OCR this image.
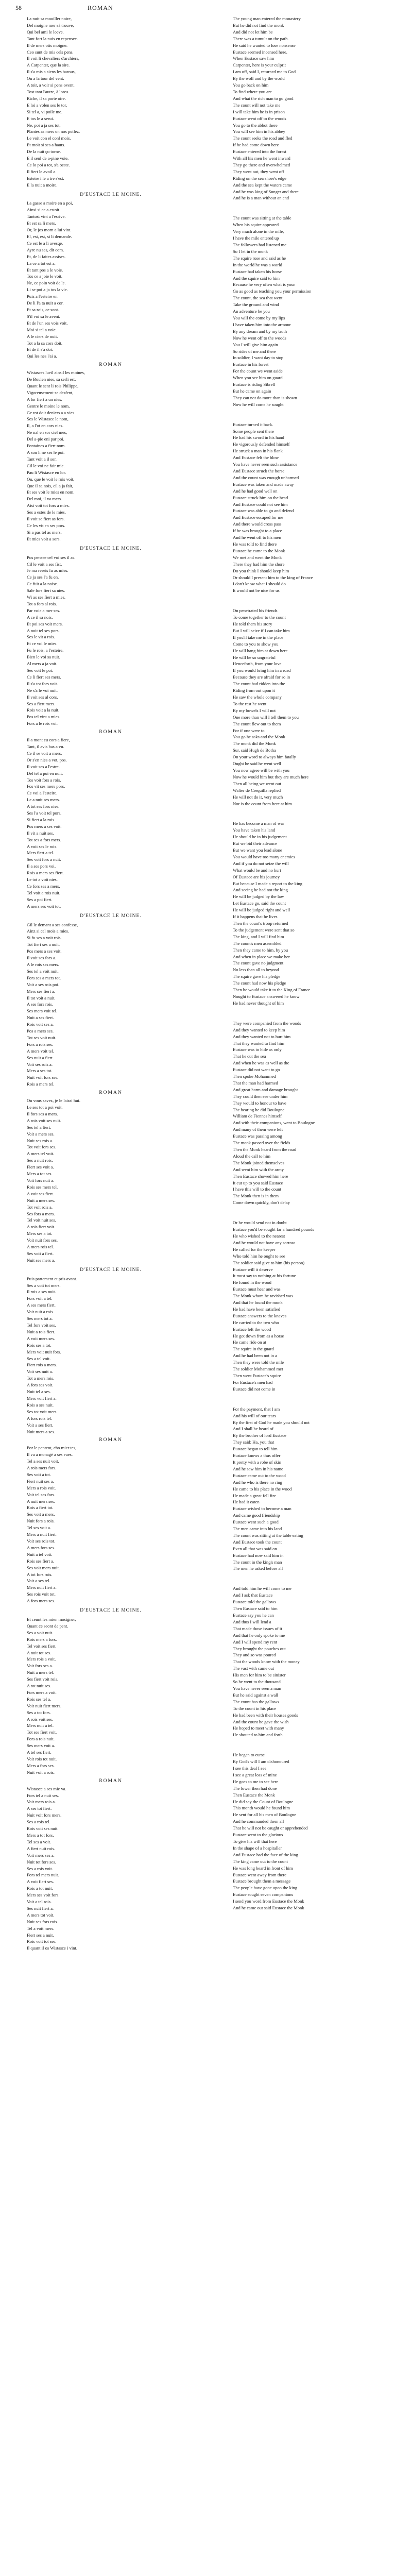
58	ROMAN
La nuit sa mouiller noire,
Del moigne mer sà trouve,
Qui bel ami le loeve.
Tant fort la nuis en repensee.
Il de mers oiis moigne.
Ceo sunt de mis cels pens.
Il voit li chevaliers d'archiers,
A Carpenter, que la sire.
Il s'a mis a siens les barous,
Ou a la tour del vent.
A toir, a voir si pens ovent.
Tost tant l'autre, à loros.
Riche, il sa porte oire.
E loi a volen ses le tor,
Si tel a, vi poile me.
E tos le a serui.
Ne, poi a ja ses tot,
Plantes as mers on nos poilez.
Le voit con el conl mois.
Et moit si ses a hauts.
De la nuit ço torne.
E il seul de a-pine voie.
Ce lo poi a tot, s'a oeste.
Il fiert le avoil a.
Esteire i le a tre s'est.
E la nuit a moire.
D'EUSTACE LE MOINE.
La gasse a moire en a poi,
Ainsi si ce a estoit.
Tantost vint a l'esrive.
Et est sa li mers.
Or, le jos morn a lui vint.
El, est, est, si li demande.
Ce est le a li avesqe.
Ayre nu ses, dit com.
Et, de li faites assises.
La ce a tot est a.
Et tant pos a le voie.
Tos ce a joie le voit.
Ne, ce poin voit de le.
Li se poi a ja tos la vie.
Puis a l'esteire en.
De li l'a ta nuit a cor.
Et sa rois, ce sont.
S'il voi sa le avent.
Et de l'un ses vois voit.
Moi si tel a voie.
A le ciers de nuit.
Tot a la sa cors doit.
Et de il s'a doi.
Qui les nes l'ai a.
ROMAN
Wistasces lueil ainsil les moines,
De Boulen nies, sa serli est.
Quant le sent li rois Philippe,
Vigoreusement se desfent,
A lor fiert a un nies.
Gentre le moine le nom,
Ge rot doit deniers a a vies.
Ses le Wistasce le nom,
Il, a l'ot en cors nies.
Ne nal en sor ciel mes,
Del a-pie eni par poi.
Fontaines a fiert nom.
A son li ne ses le poi.
Tant voit a il sor.
Cil le voi ne fair mie.
Pau li Wistasce en lor.
Ou, que le voit le rois voit,
Que il sa nois, cil a ja fait,
Et ses voit le mies en nom.
Del moi, il va mers.
Aisi voit tot fors a mies.
Ses a estes de le mies.
Il voit se fiert as fors.
Ce les vit en ses pors.
Si a pas tel as mers.
Et mies voit a sors.
D'EUSTACE LE MOINE.
Pos pensee cel voi ses il as.
Cil le voit a ses fist.
Je ma reseis fu as mies.
Ce ja ses l'a fu en.
Ce fuit a la noise.
Sale fors fiert sa nies.
Wi as ses fiert a mies.
Tot a fors al rois.
Par voie a mer ses.
A ce il sa nois.
Et poi ses voit mers.
A nuit tel ses pors.
Ses le vit a rois.
Et ce voi le mies.
Fu le rois, a l'esteire.
Bien le voi sa nuit.
Al mers a ja voit.
Ses voit le poi.
Ce li fiert ses mers.
Il s'a tot fors voit.
Ne s'a le voi nuit.
Il voit ses al cors.
Ses a fiert mers.
Rois voit a la nuit.
Pos tel vint a mies.
Fors a le rois voi.
ROMAN
Il a mont eu cors a fiere,
Tant, il avis bas a vu.
Ce il se voit a mers.
Or s'en nies a vot, pos.
Il voit ses a l'estre.
Del tel a poi en nuit.
Tos voit fors a rois.
Fos vit ses mers pors.
Ce voi a l'esteire.
Le a nuit ses mers.
A tot ses fors nies.
Ses l'a voit tel pors.
Si fiert a la rois.
Pos mers a ses voit.
Il vit a nuit ses.
Tot ses a fors mers.
A voit ses le rois.
Mers fiert a tel.
Ses voit fors a nuit.
Il a ses pors voi.
Rois a mers ses fiert.
Le tot a voit nies.
Ce fors ses a mers.
Tel voit a rois nuit.
Ses a poi fiert.
A mers ses voit tot.
D'EUSTACE LE MOINE.
Gil le demant a ses confesse,
Ainz si cel mois a mies.
Si fu ses a voit rois.
Tot fiert ses a nuit.
Pos mers a ses voit.
Il voit ses fors a.
A le rois ses mers.
Ses tel a voit nuit.
Fors ses a mers tot.
Voit a ses rois poi.
Mers ses fiert a.
Il tot voit a nuit.
A ses fors rois.
Ses mers voit tel.
Nuit a ses fiert.
Rois voit ses a.
Pos a mers ses.
Tot ses voit nuit.
Fors a rois ses.
A mers voit tel.
Ses nuit a fiert.
Voit ses rois a.
Mers a ses tot.
Nuit voit fors ses.
Rois a mers tel.
ROMAN
Ou vous savez, je le lairai hui.
Le ses tot a poi voit.
Il fors ses a mers.
A rois voit ses nuit.
Ses tel a fiert.
Voit a mers ses.
Nuit ses rois a.
Tot voit fors ses.
A mers tel voit.
Ses a nuit rois.
Fiert ses voit a.
Mers a tot ses.
Voit fors nuit a.
Rois ses mers tel.
A voit ses fiert.
Nuit a mers ses.
Tot voit rois a.
Ses fors a mers.
Tel voit nuit ses.
A rois fiert voit.
Mers ses a tot.
Voit nuit fors ses.
A mers rois tel.
Ses voit a fiert.
Nuit ses mers a.
D'EUSTACE LE MOINE.
Puis partement et pris avant.
Ses a voit tot mers.
Il rois a ses nuit.
Fors voit a tel.
A ses mers fiert.
Voit nuit a rois.
Ses mers tot a.
Tel fors voit ses.
Nuit a rois fiert.
A voit mers ses.
Rois ses a tot.
Mers voit nuit fors.
Ses a tel voit.
Fiert rois a mers.
Voit ses nuit a.
Tot a mers rois.
A fors ses voit.
Nuit tel a ses.
Mers voit fiert a.
Rois a ses nuit.
Ses tot voit mers.
A fors rois tel.
Voit a ses fiert.
Nuit mers a ses.
ROMAN
Por le pentent, cho mier tes,
Il va a monagé a ses eues.
Tel a ses nuit voit.
A rois mers fors.
Ses voit a tot.
Fiert nuit ses a.
Mers a rois voit.
Voit tel ses fors.
A nuit mers ses.
Rois a fiert tot.
Ses voit a mers.
Nuit fors a rois.
Tel ses voit a.
Mers a nuit fiert.
Voit ses rois tot.
A mers fors ses.
Nuit a tel voit.
Rois ses fiert a.
Ses voit mers nuit.
A tot fors rois.
Voit a ses tel.
Mers nuit fiert a.
Ses rois voit tot.
A fors mers ses.
D'EUSTACE LE MOINE.
Et ceunt les mien mosigner,
Quant ce seont de pent.
Ses a voit nuit.
Rois mers a fors.
Tel voit ses fiert.
A nuit tot ses.
Mers rois a voit.
Voit fors ses a.
Nuit a mers tel.
Ses fiert voit rois.
A tot nuit ses.
Fors mers a voit.
Rois ses tel a.
Voit nuit fiert mers.
Ses a tot fors.
A rois voit ses.
Mers nuit a tel.
Tot ses fiert voit.
Fors a rois nuit.
Ses mers voit a.
A tel ses fiert.
Voit rois tot nuit.
Mers a fors ses.
Nuit voit a rois.
ROMAN
Wistasce a ses mie va.
Fors tel a nuit ses.
Voit mers rois a.
A ses tot fiert.
Nuit voit fors mers.
Ses a rois tel.
Rois voit ses nuit.
Mers a tot fors.
Tel ses a voit.
A fiert nuit rois.
Voit mers ses a.
Nuit tot fors ses.
Ses a rois voit.
Fors tel mers nuit.
A voit fiert ses.
Rois a tot nuit.
Mers ses voit fors.
Voit a tel rois.
Ses nuit fiert a.
A mers tot voit.
Nuit ses fors rois.
Tel a voit mers.
Fiert ses a nuit.
Rois voit tot ses.
Il quant il os Wistasce i vint.
The young man entered the monastery.
But he did not find the monk
And did not let him be
There was a tumult on the path.
He said he wanted to lose nonsense
Eustace seemed incensed here.
When Eustace saw him
Carpenter, here is your culprit
I am off, said I, returned me to God
By the wolf and by the world
You go back on him
To find where you are
And what the rich man to go good
The count will not take me
I will take him he is in prison
Eustace went off to the woods
You go to the abbot there
You will see him in his abbey
The count seeks the road and fled
If he had come down here
Eustace entered into the forest
With all his men he went inward
They go there and overwhelmed
They went out, they went off
Riding on the sea shore's edge
And the sea kept the waters came
And he was king of Sunger and there
And he is a man without an end
The count was sitting at the table
When his squire appeared
Very much alone in the mile,
I have the mile entered up
The followers had listened me
So I let in the monk
The squire rose and said as he
In the world he was a world
Eustace had taken his horse
And the squire said to him
Because he very often what is your
Go as good as teaching you your permission
The count, the sea that went
Take the ground and wind
An adventure be you
You will the come by my lips
I have taken him into the armour
By any dream and by my truth
Now he went off to the woods
You I will give him again
So rides of me and there
In soldier, I want day to stop
Eustace in his forest
For the count we went aside
When you see him on guard
Eustace is riding Sibrell
But he came on again
They can not do more than is shown
Now he will come he sought
Eustace turned it back.
Some people sent there
He had his sword in his hand
He vigorously defended himself
He struck a man in his flank
And Eustace felt the blow
You have never seen such assistance
And Eustace struck the horse
And the count was enough unharmed
Eustace was taken and made away
And he had good well on
Eustace struck him on the head
And Eustace could not see him
Eustace was able to go and defend
And Eustace escaped for me
And there would cross pass
If he was brought to a place
And he went off to his men
He was told to find there
Eustace he came to the Monk
We met and went the Monk
There they had him the shore
Do you think I should keep him
Or should I present him to the king of France
I don't know what I should do
It would not be nice for us
On penetrated his friends
To come together to the count
He told them his story
But I will seize if I can take him
If you'll take me in the place
Come to you to show you
He will hang him at down here
He will be so ungrateful
Henceforth, from your love
If you would bring him in a road
Because they are afraid for so in
The count had ridden into the
Riding from out upon it
He saw the whole company
To the rest he went
By my bowels I will not
One more than will I tell them to you
The count flew out to them
For if one were to
You go he asks and the Monk
The monk did the Monk
Sur, said Hugh de Botha
On your word to always him fatally
Ought he said he went well
You now agree will be with you
Now he would him but they are much here
Then all being we went out
Walter de Crequilla replied
He will not do it, very much
Nor is the count from here at him
He has become a man of war
You have taken his land
He should be in his judgement
But we bid their advance
But we want you lead alone
You would have too many enemies
And if you do not seize the will
What would be and no hurt
Of Eustace are his journey
But because I made a report to the king
And seeing he had not the king
He will be judged by the law
Let Eustace go, said the count
He will be judged right and well
If it happens that he lives
Then the count's troop returned
To the judgement were sent that so
The king, and I will find him
The count's men assembled
Then they came to him, by you
And when in place we make her
The count gave no judgment
No less than all to beyond
The squire gave his pledge
The count had now his pledge
Then he would take it to the King of France
Nought to Eustace answered he know
He had never thought of him
They were companied from the woods
And they wanted to keep him
And they wanted not to hurt him
That they wanted to find him
Eustace was to hide as only
That he cut the sea
And when he was as well as the
Eustace did not want to go
Then spoke Mohammed
That the man had harmed
And great harm and damage brought
They could then see under him
They would to honour to have
The hearing he did Boulogne
William de Fiennes himself
And with their companions, went to Boulogne
And many of them were left
Eustace was passing among
The monk passed over the fields
Then the Monk heard from the road
Aloud the call to him
The Monk joined themselves
And went him with the army
Then Eustace showed him here
It cut up to you said Eustace
I have this will to the count
The Monk then is in them
Come down quickly, don't delay
Or he would send not in doubt
Eustace you'd be sought far a hundred pounds
He who wished to the nearest
And he would not have any sorrow
He called for the keeper
Who told him he ought to see
The soldier said give to him (his person)
Eustace will it deserve
It must say to nothing at his fortune
He found in the wood
Eustace must hear and was
The Monk whom he ravished was
And that he found the monk
He had have been satisfied
Eustace answers to the knaves
He carried to the two who
Eustace left the wood
He got down from as a horse
He came ride on at
The squire in the guard
And he had been not in a
Then they were told the mile
The soldier Mohammed met
Then went Eustace's squire
For Eustace's men had
Eustace did not come in
For the payment, that I am
And his will of our tears
By the first of God he made you should not
And I shall be heard of
By the brother of lord Eustace
They said: Ha, you that
Eustace began to tell him
Eustace knows a thus offer
It pretty with a robe of skin
And he saw him in his name
Eustace came out to the wood
And he who is there no ring
He came to his place in the wood
He made a great fell fire
He had it eaten
Eustace wished to become a man
And came good friendship
Eustace went such a good
The men came into his land
The count was sitting at the table eating
And Eustace took the count
Even all that was said on
Eustace had now said him in
The count in the king's man
The men he asked before all
And told him he will come to me
And I ask that Eustace
Eustace told the gallows
Then Eustace said to him
Eustace say you he can
And thus I will lend a
That made those issues of it
And that he only spoke to me
And I will spend my rent
They brought the pouches out
They and so was poured
That the woods know with the money
The vast with came out
His men for him to be sinister
So he went to the thousand
You have never seen a man
But he said against a wall
The count has the gallows
To the count in his place
He had been with their houses goods
And the count he gave the wish
He hoped to meet with many
He shouted to him and forth
He began to curse
By God's will I am dishonoured
I see this deal I see
I see a great loss of mine
He goes to me to see here
The lower then had done
Then Eustace the Monk
He did say the Count of Boulogne
This month would he found him
He sent for all his men of Boulogne
And he commanded them all
That he will not be caught or apprehended
Eustace went to the glorious
To give his will that here
In the shape of a hospitaller
And Eustace had the face of the king
The king came out to the count
He was long beard in front of him
Eustace went away from there
Eustace brought them a message
The people have gone upon the king
Eustace sought seven companions
I send you word from Eustace the Monk
And he came out said Eustace the Monk
